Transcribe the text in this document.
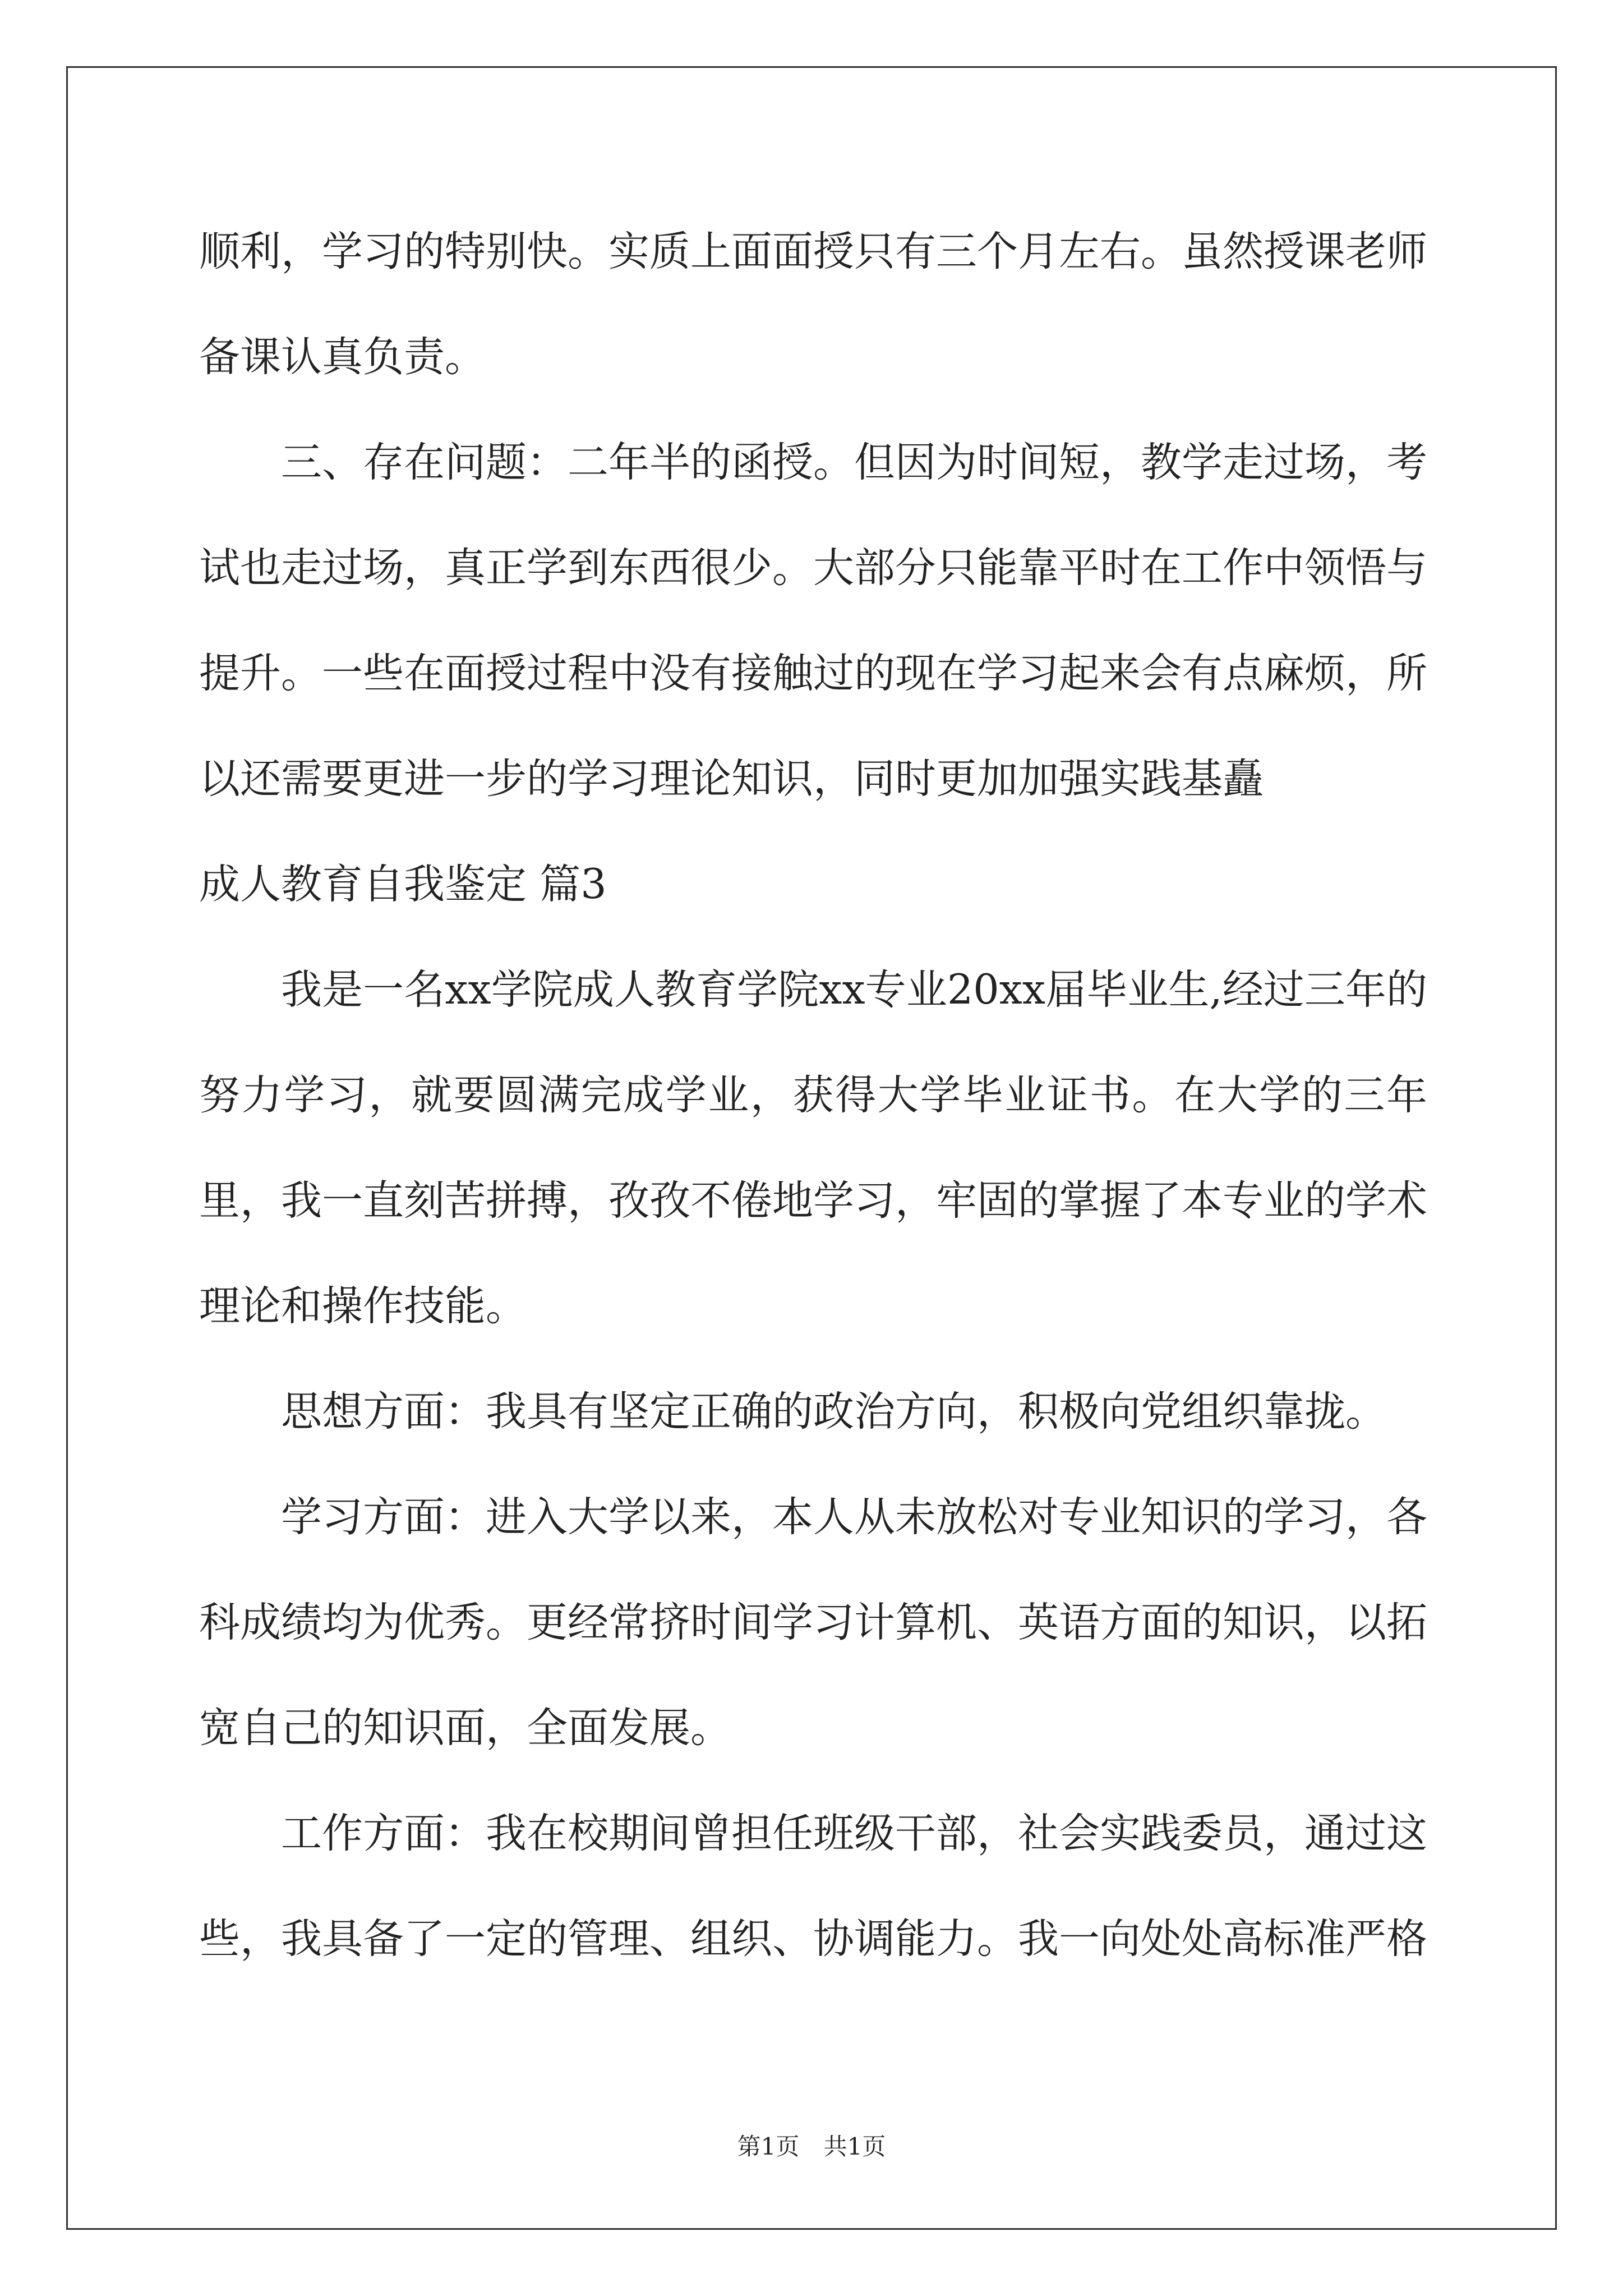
顺利，学习的特别快。实质上面面授只有三个月左右。虽然授课老师备课认真负责。

三、存在问题：二年半的函授。但因为时间短，教学走过场，考试也走过场，真正学到东西很少。大部分只能靠平时在工作中领悟与提升。一些在面授过程中没有接触过的现在学习起来会有点麻烦，所以还需要更进一步的学习理论知识，同时更加加强实践基矗

成人教育自我鉴定 篇3

我是一名xx学院成人教育学院xx专业20xx届毕业生,经过三年的努力学习，就要圆满完成学业，获得大学毕业证书。在大学的三年里，我一直刻苦拼搏，孜孜不倦地学习，牢固的掌握了本专业的学术理论和操作技能。

思想方面：我具有坚定正确的政治方向，积极向党组织靠拢。

学习方面：进入大学以来，本人从未放松对专业知识的学习，各科成绩均为优秀。更经常挤时间学习计算机、英语方面的知识，以拓宽自己的知识面，全面发展。

工作方面：我在校期间曾担任班级干部，社会实践委员，通过这些，我具备了一定的管理、组织、协调能力。我一向处处高标准严格

第1页 共1页
